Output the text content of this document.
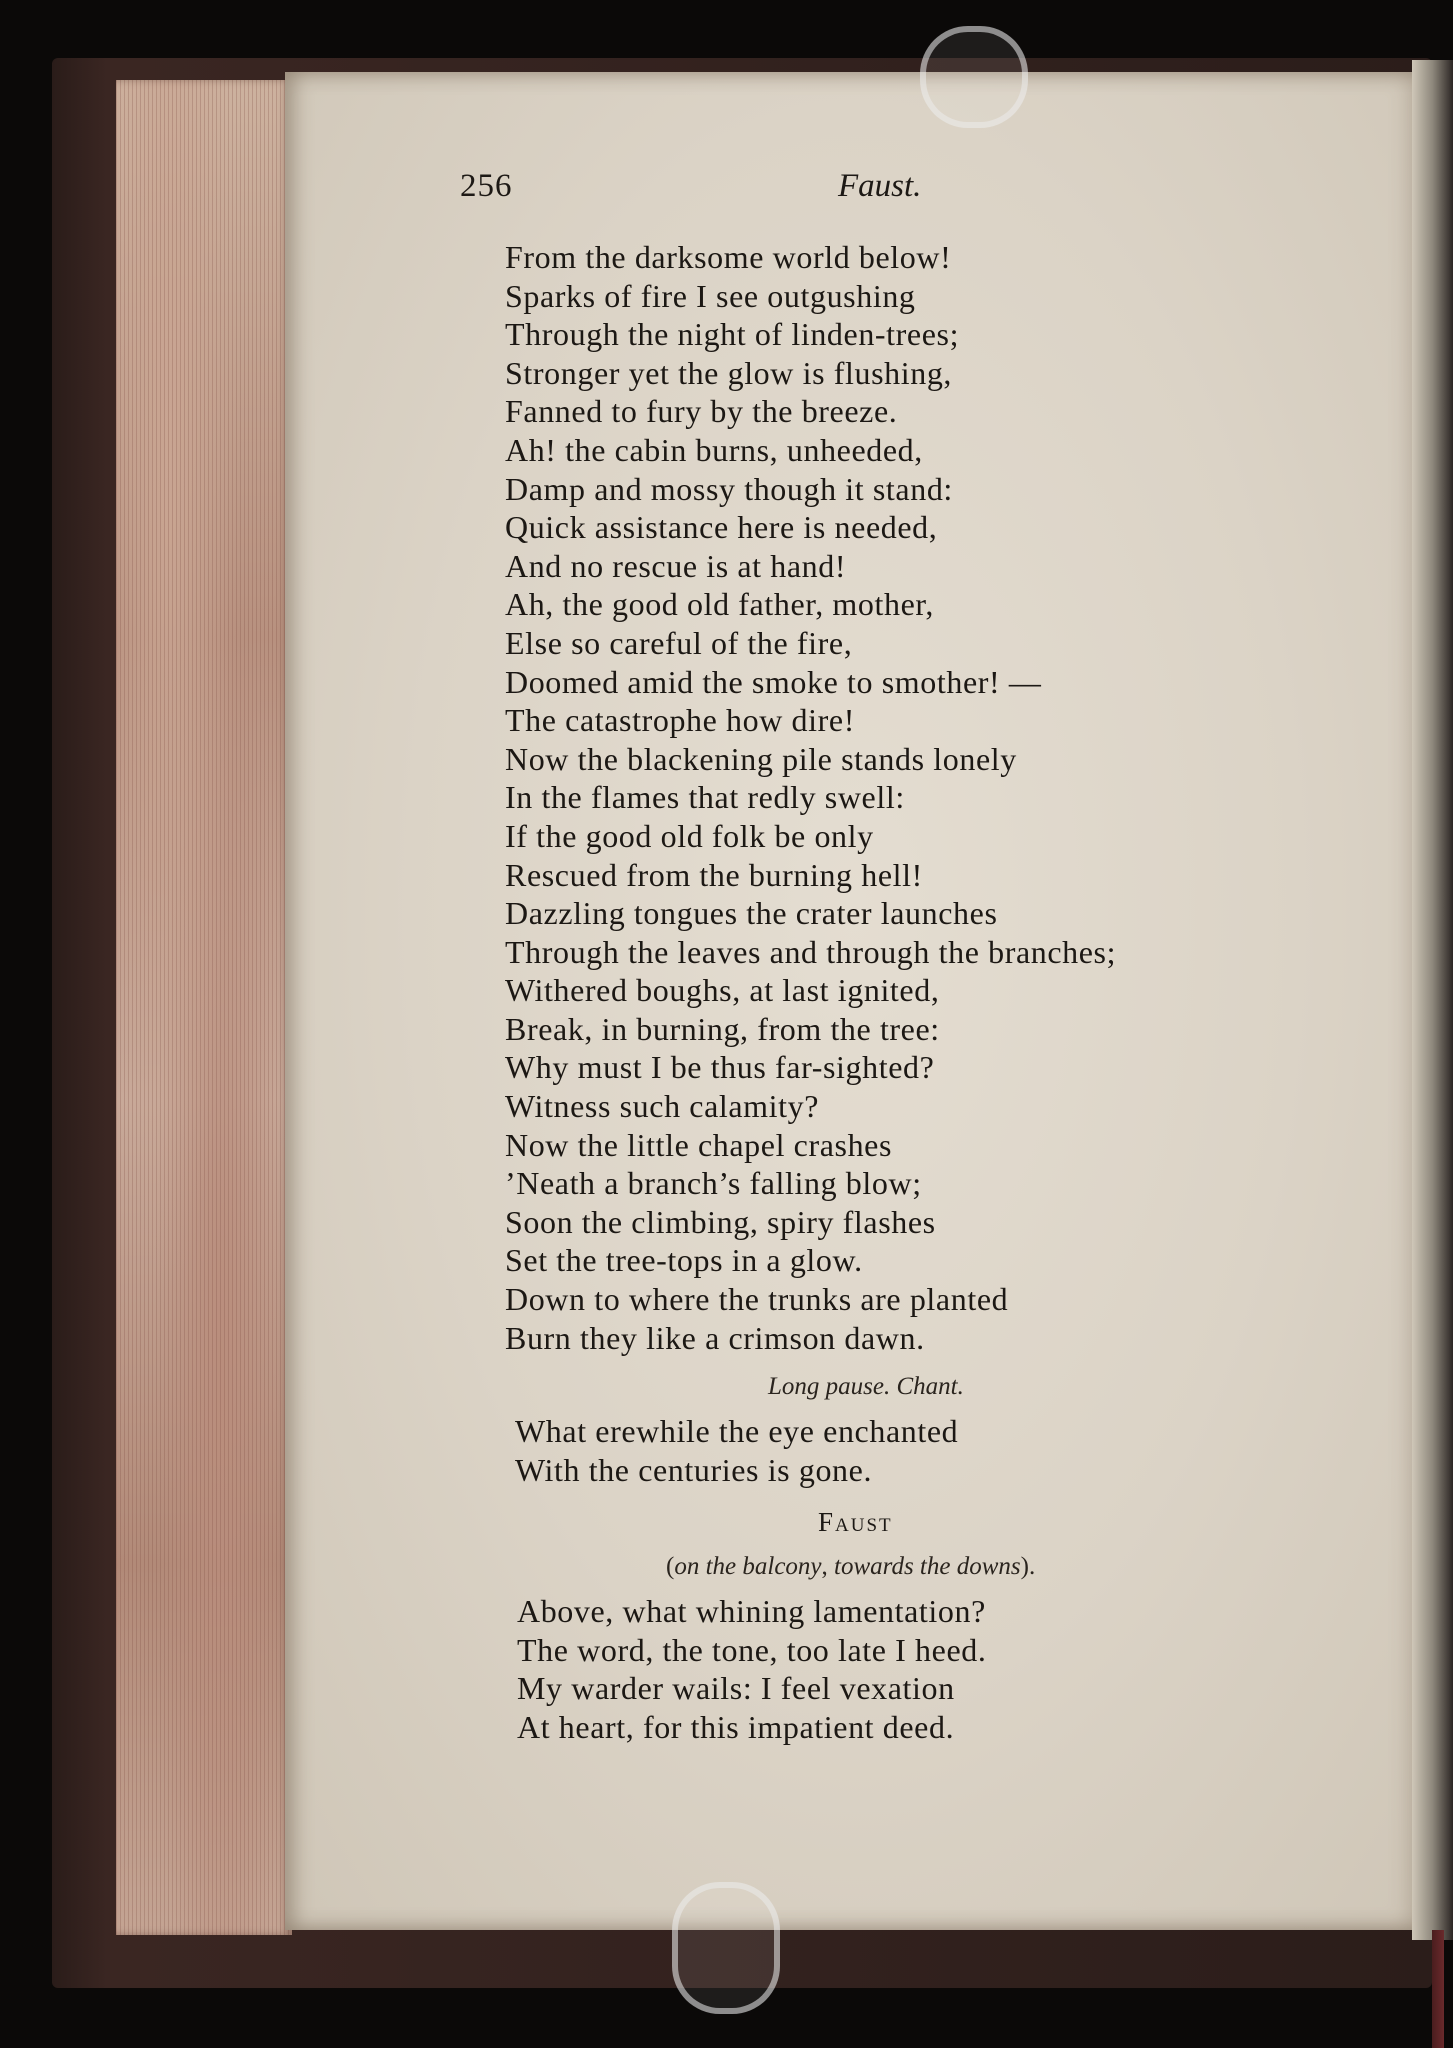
256	Faust.
From the darksome world below!
Sparks of fire I see outgushing
Through the night of linden-trees;
Stronger yet the glow is flushing,
Fanned to fury by the breeze.
Ah! the cabin burns, unheeded,
Damp and mossy though it stand:
Quick assistance here is needed,
And no rescue is at hand!
Ah, the good old father, mother,
Else so careful of the fire,
Doomed amid the smoke to smother! —
The catastrophe how dire!
Now the blackening pile stands lonely
In the flames that redly swell:
If the good old folk be only
Rescued from the burning hell!
Dazzling tongues the crater launches
Through the leaves and through the branches;
Withered boughs, at last ignited,
Break, in burning, from the tree:
Why must I be thus far-sighted?
Witness such calamity?
Now the little chapel crashes
’Neath a branch’s falling blow;
Soon the climbing, spiry flashes
Set the tree-tops in a glow.
Down to where the trunks are planted
Burn they like a crimson dawn.
Long pause. Chant.
What erewhile the eye enchanted
With the centuries is gone.
Faust
(on the balcony, towards the downs).
Above, what whining lamentation?
The word, the tone, too late I heed.
My warder wails: I feel vexation
At heart, for this impatient deed.
